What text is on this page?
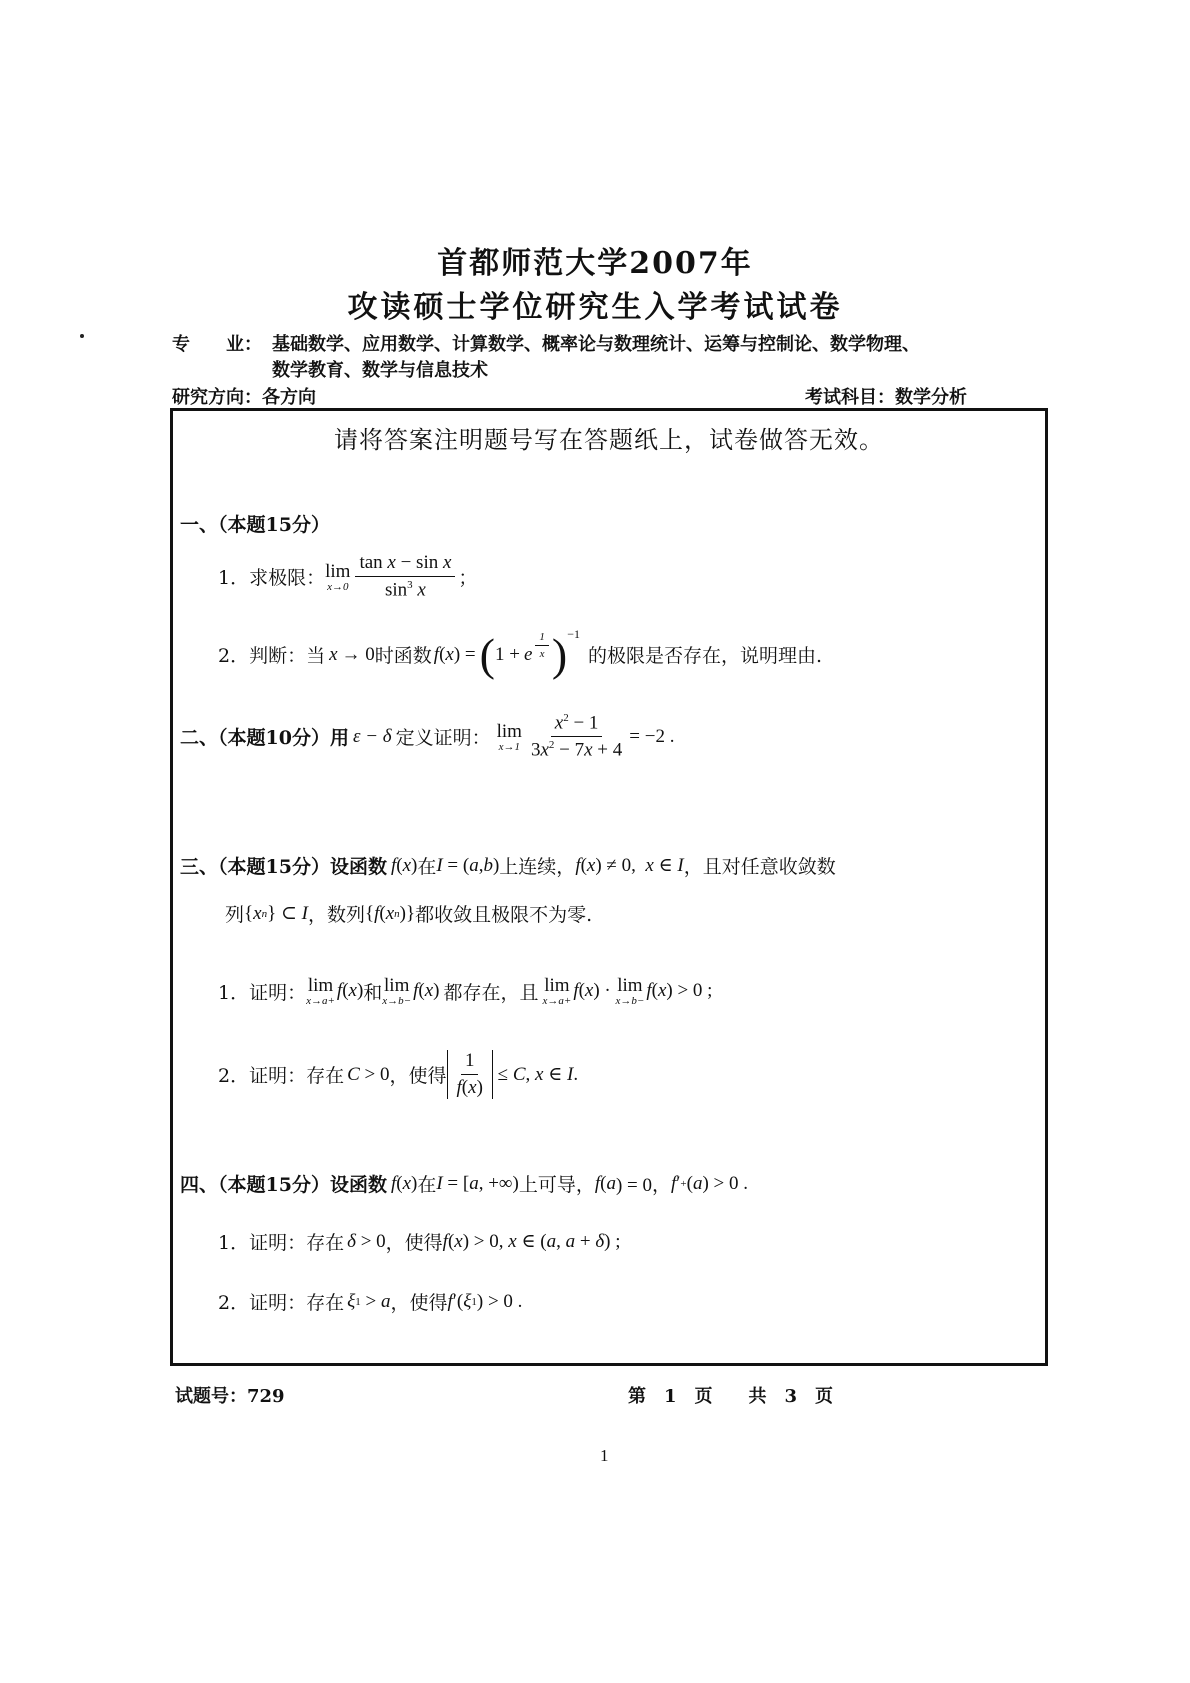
首都师范大学2007年
攻读硕士学位研究生入学考试试卷
专　　业： 基础数学、应用数学、计算数学、概率论与数理统计、运筹与控制论、数学物理、
数学教育、数学与信息技术
研究方向：各方向	考试科目：数学分析
请将答案注明题号写在答题纸上，试卷做答无效。
一、（本题15分）
1．求极限： lim
$x\to 0 \frac{\text{tan x − sin x}}{\sin^3 x}$ ；
2．判断：当 x → 0 时函数 f ( x ) = ( 1 + e $\frac{1}{x} )^{-1}$
的极限是否存在，说明理由.
二、（本题10分）用 ε − δ 定义证明： lim
$x\to 1 \frac{x^2 - 1}{3x^2 - 7x + 4} = -2$ .
三、（本题15分）设函数 f ( x ) 在 I = ( a , b ) 上连续， f ( x ) ≠ 0, x ∈ I ， 且对任意收敛数
列 { x n } ⊂ I ，数列 { f ( x n )} 都收敛且极限不为零.
1．证明： lim
x→a+ f ( x ) 和 lim
x→b− f ( x ) 都存在，且 lim
x→a+ f ( x ) · lim
x→b− f ( x ) > 0 ;
2．证明：存在 C > 0 ，使得 $\frac{1}{f(x)} \le C$ , x ∈ I .
四、（本题15分）设函数 f ( x ) 在 I = [ a , +∞) 上可导， f ( a ) = 0， f ′ + ( a ) > 0 .
1．证明：存在 δ > 0 ，使得 f ( x ) > 0, x ∈ ( a , a + δ ) ;
2．证明：存在 ξ 1 > a ，使得 f ′( ξ 1 ) > 0 .
试题号：729	第　1　页　　共　3　页
1
